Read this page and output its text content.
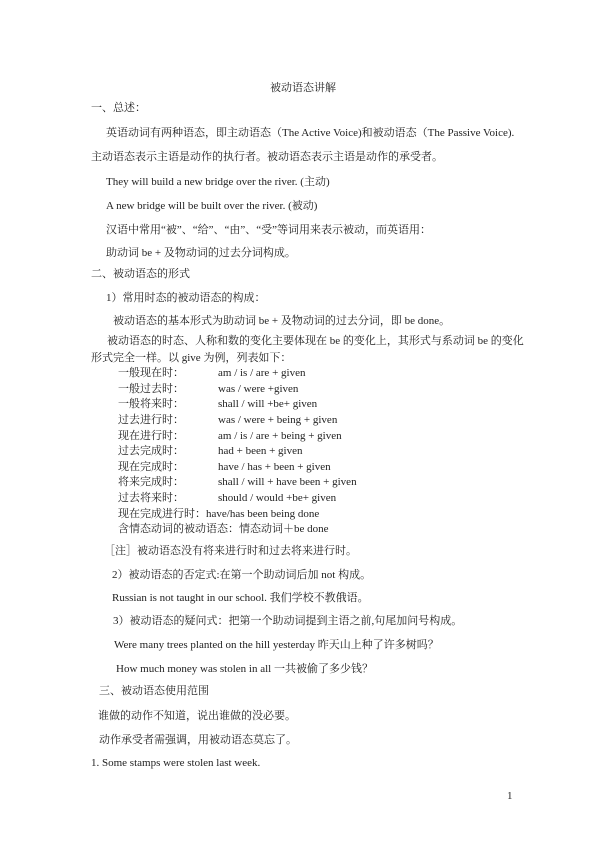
被动语态讲解
一、总述：
英语动词有两种语态，即主动语态（The Active Voice)和被动语态（The Passive Voice).
主动语态表示主语是动作的执行者。被动语态表示主语是动作的承受者。
They will build a new bridge over the river. (主动)
A new bridge will be built over the river. (被动)
汉语中常用“被”、“给”、“由”、“受”等词用来表示被动，而英语用：
助动词 be + 及物动词的过去分词构成。
二、被动语态的形式
1）常用时态的被动语态的构成：
被动语态的基本形式为助动词 be + 及物动词的过去分词，即 be done。
被动语态的时态、人称和数的变化主要体现在 be 的变化上，其形式与系动词 be 的变化
形式完全一样。以 give 为例，列表如下：
一般现在时：	am / is / are + given
一般过去时：	was / were +given
一般将来时：	shall / will +be+ given
过去进行时：	was / were + being + given
现在进行时：	am / is / are + being + given
过去完成时：	had + been + given
现在完成时：	have / has + been + given
将来完成时：	shall / will + have been + given
过去将来时：	should / would +be+ given
现在完成进行时：have/has been being done
含情态动词的被动语态：情态动词＋be done
［注］被动语态没有将来进行时和过去将来进行时。
2）被动语态的否定式:在第一个助动词后加 not 构成。
Russian is not taught in our school. 我们学校不教俄语。
3）被动语态的疑问式：把第一个助动词提到主语之前,句尾加问号构成。
Were many trees planted on the hill yesterday 昨天山上种了许多树吗？
How much money was stolen in all 一共被偷了多少钱？
三、被动语态使用范围
谁做的动作不知道，说出谁做的没必要。
动作承受者需强调，用被动语态莫忘了。
1. Some stamps were stolen last week.
1
